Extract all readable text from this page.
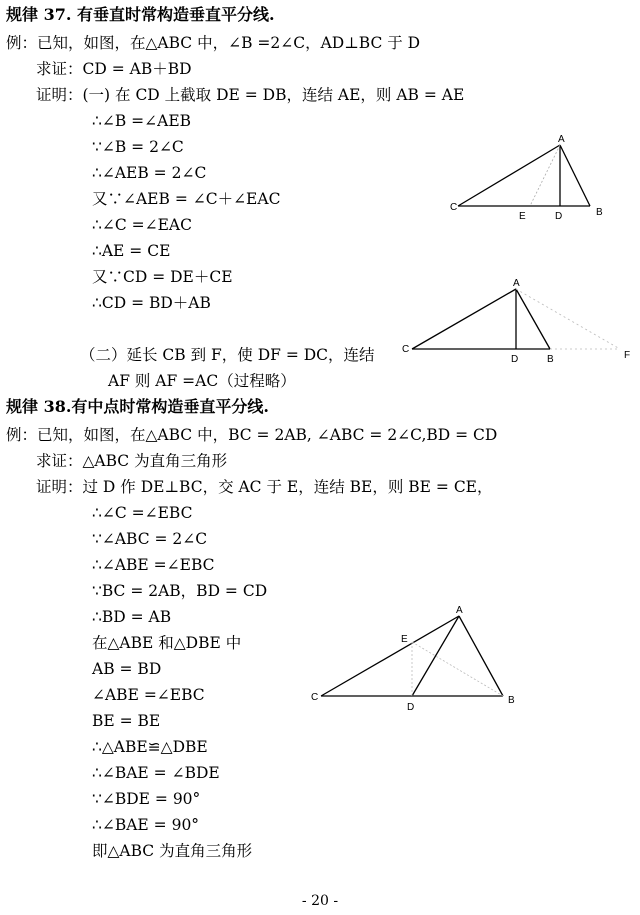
规律 37. 有垂直时常构造垂直平分线.
例：已知，如图，在△ABC 中，∠B =2∠C，AD⊥BC 于 D
求证：CD = AB＋BD
证明：(一) 在 CD 上截取 DE = DB，连结 AE，则 AB = AE
∴∠B =∠AEB
∵∠B = 2∠C
∴∠AEB = 2∠C
又∵∠AEB = ∠C＋∠EAC
∴∠C =∠EAC
∴AE = CE
又∵CD = DE＋CE
∴CD = BD＋AB
（二）延长 CB 到 F，使 DF = DC，连结
AF 则 AF =AC（过程略）
A
C
E	D	B
A
C
D	B	F
规律 38.有中点时常构造垂直平分线.
例：已知，如图，在△ABC 中，BC = 2AB, ∠ABC = 2∠C,BD = CD
求证：△ABC 为直角三角形
证明：过 D 作 DE⊥BC，交 AC 于 E，连结 BE，则 BE = CE，
∴∠C =∠EBC
∵∠ABC = 2∠C
∴∠ABE =∠EBC
∵BC = 2AB，BD = CD
∴BD = AB
在△ABE 和△DBE 中
AB = BD
∠ABE =∠EBC
BE = BE
∴△ABE≌△DBE
∴∠BAE = ∠BDE
∵∠BDE = 90°
∴∠BAE = 90°
即△ABC 为直角三角形
A
E
C
D
B
- 20 -
